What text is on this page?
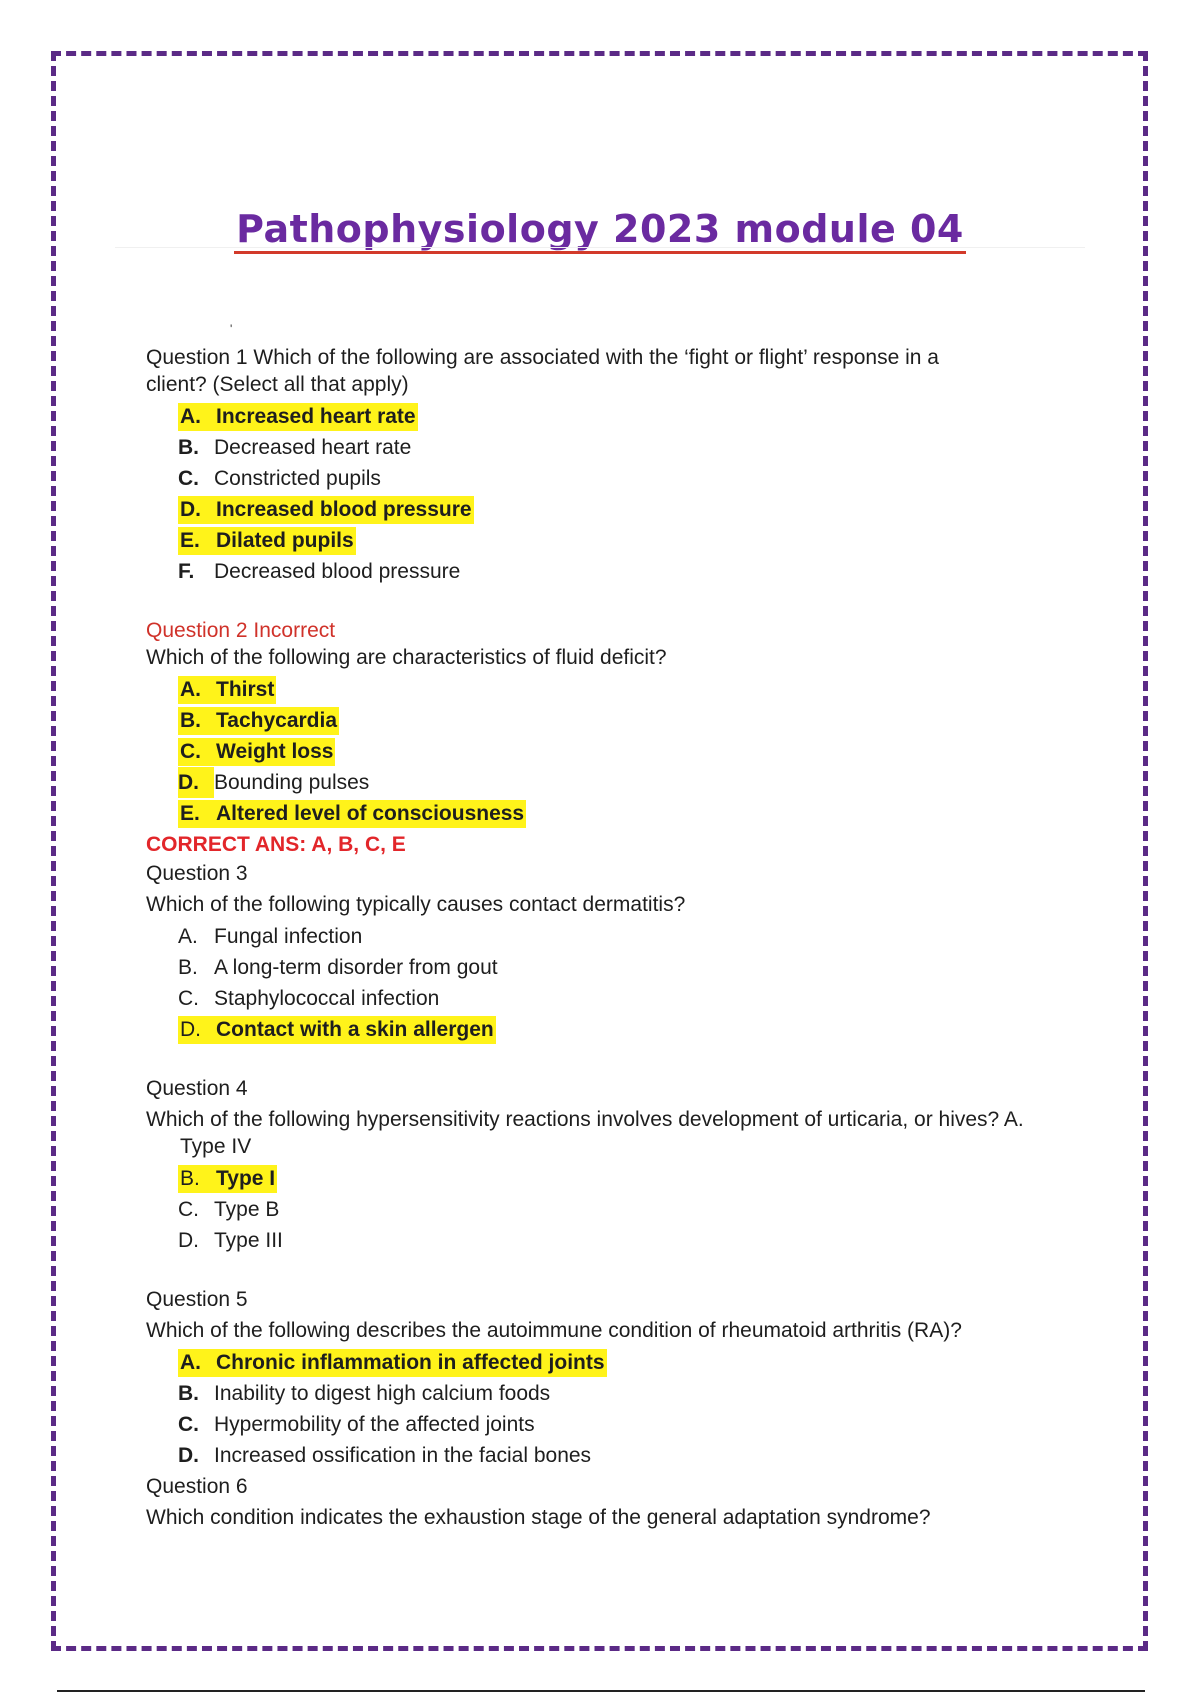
Pathophysiology 2023 module 04
'

Question 1 Which of the following are associated with the ‘fight or flight’ response in a

client? (Select all that apply)

A. Increased heart rate
B. Decreased heart rate
C. Constricted pupils
D. Increased blood pressure
E. Dilated pupils
F. Decreased blood pressure

Question 2 Incorrect

Which of the following are characteristics of fluid deficit?

A. Thirst
B. Tachycardia
C. Weight loss
D. Bounding pulses
E. Altered level of consciousness

CORRECT ANS: A, B, C, E

Question 3

Which of the following typically causes contact dermatitis?

A. Fungal infection
B. A long-term disorder from gout
C. Staphylococcal infection
D. Contact with a skin allergen

Question 4

Which of the following hypersensitivity reactions involves development of urticaria, or hives? A.

Type IV

B. Type I
C. Type B
D. Type III

Question 5

Which of the following describes the autoimmune condition of rheumatoid arthritis (RA)?

A. Chronic inflammation in affected joints
B. Inability to digest high calcium foods
C. Hypermobility of the affected joints
D. Increased ossification in the facial bones

Question 6

Which condition indicates the exhaustion stage of the general adaptation syndrome?
